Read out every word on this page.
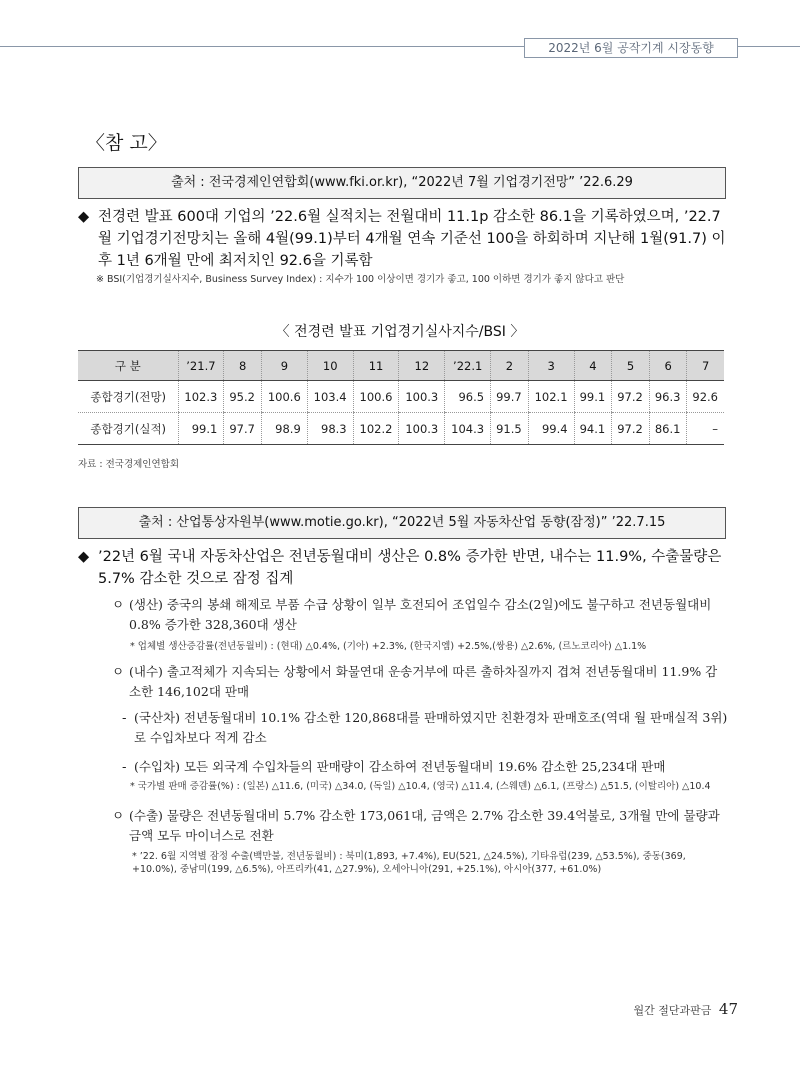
2022년 6월 공작기계 시장동향
〈참 고〉
출처 : 전국경제인연합회(www.fki.or.kr), “2022년 7월 기업경기전망” ’22.6.29
◆ 전경련 발표 600대 기업의 ’22.6월 실적치는 전월대비 11.1p 감소한 86.1을 기록하였으며, ’22.7월 기업경기전망치는 올해 4월(99.1)부터 4개월 연속 기준선 100을 하회하며 지난해 1월(91.7) 이후 1년 6개월 만에 최저치인 92.6을 기록함
※ BSI(기업경기실사지수, Business Survey Index) : 지수가 100 이상이면 경기가 좋고, 100 이하면 경기가 좋지 않다고 판단
〈 전경련 발표 기업경기실사지수/BSI 〉
구 분	’21.7	8	9	10	11	12	’22.1	2	3	4	5	6	7
종합경기(전망)	102.3	95.2	100.6	103.4	100.6	100.3	96.5	99.7	102.1	99.1	97.2	96.3	92.6
종합경기(실적)	99.1	97.7	98.9	98.3	102.2	100.3	104.3	91.5	99.4	94.1	97.2	86.1	–
자료 : 전국경제인연합회
출처 : 산업통상자원부(www.motie.go.kr), “2022년 5월 자동차산업 동향(잠정)” ’22.7.15
◆ ’22년 6월 국내 자동차산업은 전년동월대비 생산은 0.8% 증가한 반면, 내수는 11.9%, 수출물량은 5.7% 감소한 것으로 잠정 집계
ㅇ (생산) 중국의 봉쇄 해제로 부품 수급 상황이 일부 호전되어 조업일수 감소(2일)에도 불구하고 전년동월대비 0.8% 증가한 328,360대 생산
* 업체별 생산증감률(전년동월비) : (현대) △0.4%, (기아) +2.3%, (한국지엠) +2.5%,(쌍용) △2.6%, (르노코리아) △1.1%
ㅇ (내수) 출고적체가 지속되는 상황에서 화물연대 운송거부에 따른 출하차질까지 겹쳐 전년동월대비 11.9% 감소한 146,102대 판매
- (국산차) 전년동월대비 10.1% 감소한 120,868대를 판매하였지만 친환경차 판매호조(역대 월 판매실적 3위)로 수입차보다 적게 감소
- (수입차) 모든 외국계 수입차들의 판매량이 감소하여 전년동월대비 19.6% 감소한 25,234대 판매
* 국가별 판매 증감률(%) : (일본) △11.6, (미국) △34.0, (독일) △10.4, (영국) △11.4, (스웨덴) △6.1, (프랑스) △51.5, (이탈리아) △10.4
ㅇ (수출) 물량은 전년동월대비 5.7% 감소한 173,061대, 금액은 2.7% 감소한 39.4억불로, 3개월 만에 물량과 금액 모두 마이너스로 전환
* ’22. 6월 지역별 잠정 수출(백만불, 전년동월비) : 북미(1,893, +7.4%), EU(521, △24.5%), 기타유럽(239, △53.5%), 중동(369, +10.0%), 중남미(199, △6.5%), 아프리카(41, △27.9%), 오세아니아(291, +25.1%), 아시아(377, +61.0%)
월간 절단과판금 47
